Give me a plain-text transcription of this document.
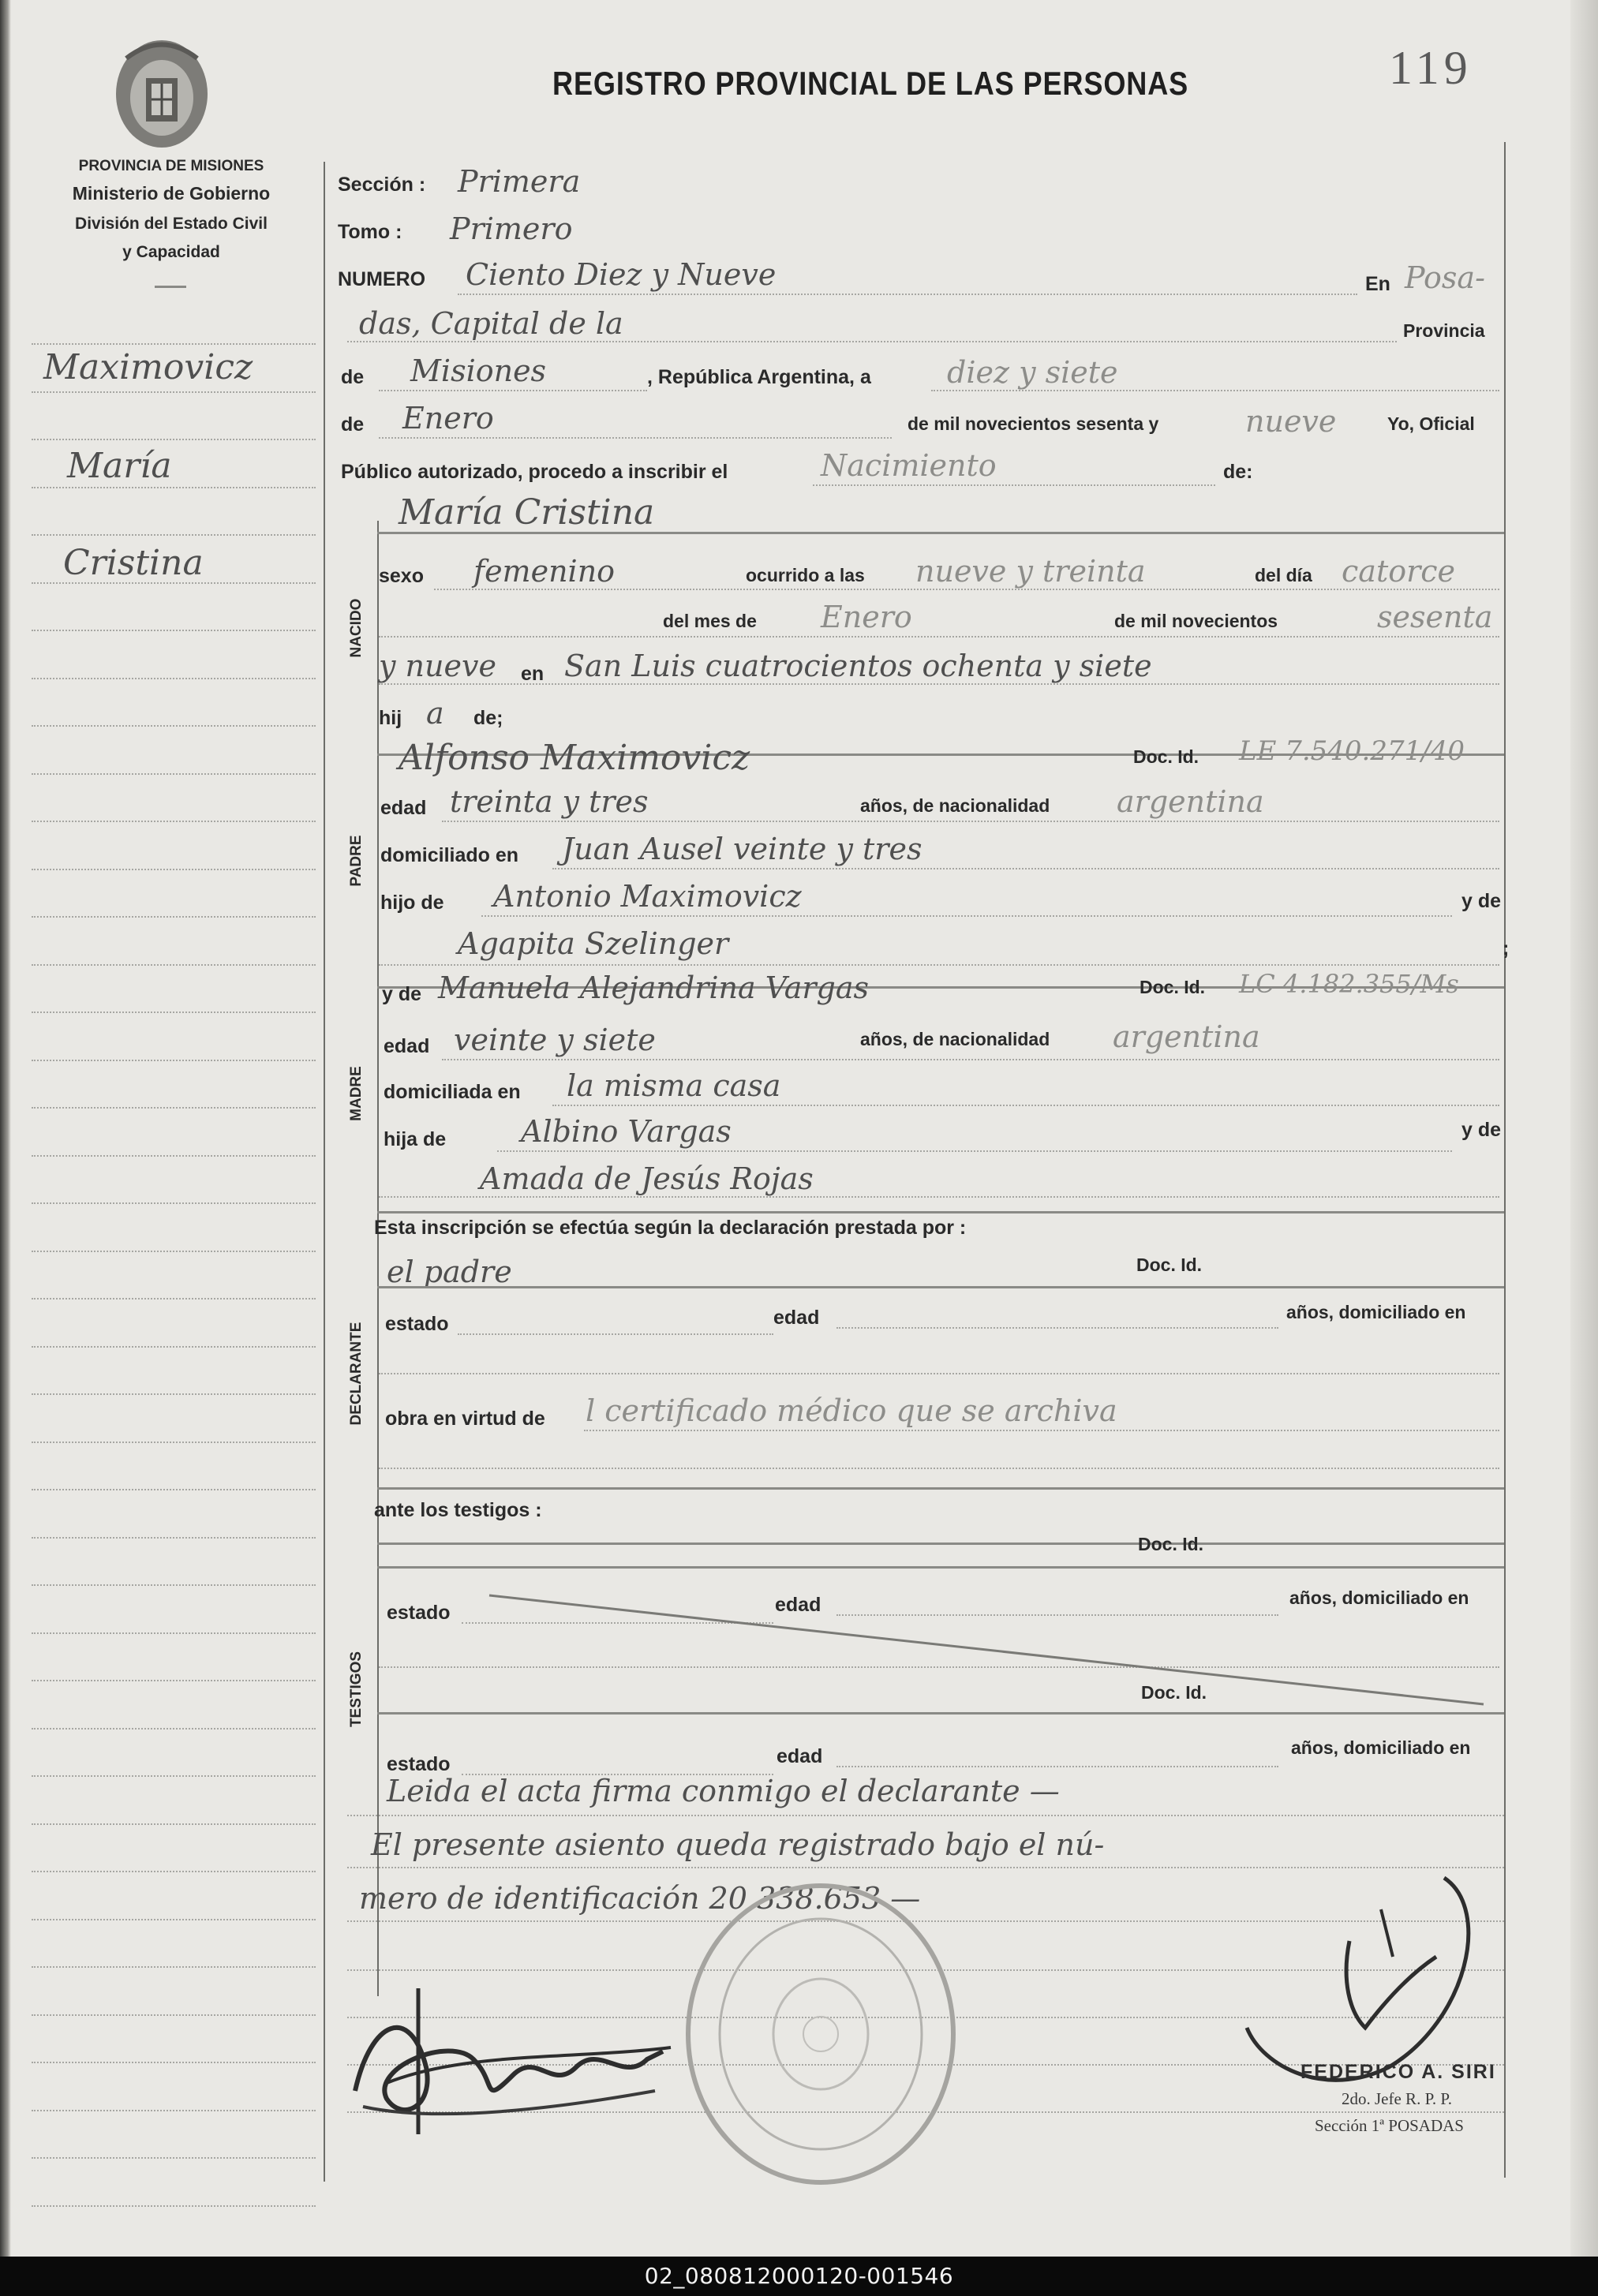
PROVINCIA DE MISIONES
Ministerio de Gobierno
División del Estado Civil
y Capacidad
REGISTRO PROVINCIAL DE LAS PERSONAS	119
Maximovicz
María
Cristina
NACIDO
PADRE
MADRE
DECLARANTE
TESTIGOS
Sección : Primera
Tomo : Primero
NUMERO Ciento Diez y Nueve	En Posa-
das, Capital de la	Provincia
de Misiones	, República Argentina, a	diez y siete
de Enero	de mil novecientos sesenta y	nueve	Yo, Oficial
Público autorizado, procedo a inscribir el	Nacimiento	de:
María Cristina
sexo femenino	ocurrido a las nueve y treinta	del día catorce
del mes de Enero	de mil novecientos	sesenta
y nueve en San Luis cuatrocientos ochenta y siete
hij a de;
Alfonso Maximovicz	Doc. Id. LE 7.540.271/40
edad treinta y tres	años, de nacionalidad argentina
domiciliado en Juan Ausel veinte y tres
hijo de Antonio Maximovicz	y de
Agapita Szelinger	;
y de Manuela Alejandrina Vargas	Doc. Id. LC 4.182.355/Ms
edad veinte y siete	años, de nacionalidad argentina
domiciliada en la misma casa
hija de Albino Vargas	y de
Amada de Jesús Rojas
Esta inscripción se efectúa según la declaración prestada por :
el padre	Doc. Id.
estado	edad	años, domiciliado en
obra en virtud de l certificado médico que se archiva
ante los testigos :
Doc. Id.
estado	edad	años, domiciliado en
Doc. Id.
estado	edad	años, domiciliado en
Leida el acta firma conmigo el declarante —
El presente asiento queda registrado bajo el nú-
mero de identificación 20.338.653 —
FEDERICO A. SIRI
2do. Jefe R. P. P.
Sección 1ª POSADAS
02_080812000120-001546
